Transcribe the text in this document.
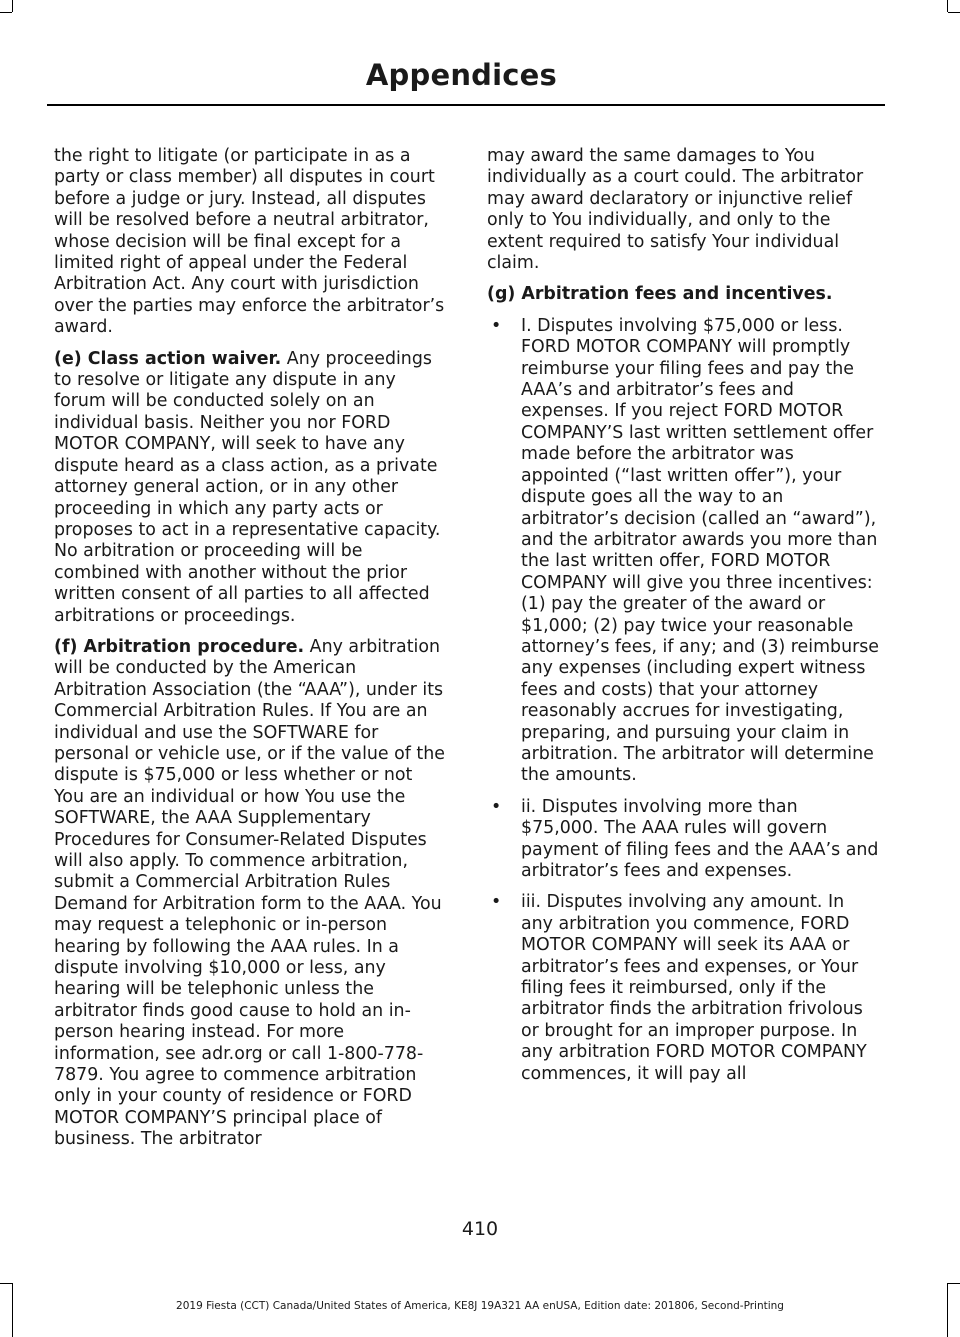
Appendices

the right to litigate (or participate in as a party or class member) all disputes in court before a judge or jury. Instead, all disputes will be resolved before a neutral arbitrator, whose decision will be final except for a limited right of appeal under the Federal Arbitration Act. Any court with jurisdiction over the parties may enforce the arbitrator’s award.

(e) Class action waiver. Any proceedings to resolve or litigate any dispute in any forum will be conducted solely on an individual basis. Neither you nor FORD MOTOR COMPANY, will seek to have any dispute heard as a class action, as a private attorney general action, or in any other proceeding in which any party acts or proposes to act in a representative capacity. No arbitration or proceeding will be combined with another without the prior written consent of all parties to all affected arbitrations or proceedings.

(f) Arbitration procedure. Any arbitration will be conducted by the American Arbitration Association (the “AAA”), under its Commercial Arbitration Rules. If You are an individual and use the SOFTWARE for personal or vehicle use, or if the value of the dispute is $75,000 or less whether or not You are an individual or how You use the SOFTWARE, the AAA Supplementary Procedures for Consumer-Related Disputes will also apply. To commence arbitration, submit a Commercial Arbitration Rules Demand for Arbitration form to the AAA. You may request a telephonic or in-person hearing by following the AAA rules. In a dispute involving $10,000 or less, any hearing will be telephonic unless the arbitrator finds good cause to hold an in-person hearing instead. For more information, see adr.org or call 1-800-778-7879. You agree to commence arbitration only in your county of residence or FORD MOTOR COMPANY’S principal place of business. The arbitrator

may award the same damages to You individually as a court could. The arbitrator may award declaratory or injunctive relief only to You individually, and only to the extent required to satisfy Your individual claim.

(g) Arbitration fees and incentives.
• I. Disputes involving $75,000 or less. FORD MOTOR COMPANY will promptly reimburse your filing fees and pay the AAA’s and arbitrator’s fees and expenses. If you reject FORD MOTOR COMPANY’S last written settlement offer made before the arbitrator was appointed (“last written offer”), your dispute goes all the way to an arbitrator’s decision (called an “award”), and the arbitrator awards you more than the last written offer, FORD MOTOR COMPANY will give you three incentives: (1) pay the greater of the award or $1,000; (2) pay twice your reasonable attorney’s fees, if any; and (3) reimburse any expenses (including expert witness fees and costs) that your attorney reasonably accrues for investigating, preparing, and pursuing your claim in arbitration. The arbitrator will determine the amounts.
• ii. Disputes involving more than $75,000. The AAA rules will govern payment of filing fees and the AAA’s and arbitrator’s fees and expenses.
• iii. Disputes involving any amount. In any arbitration you commence, FORD MOTOR COMPANY will seek its AAA or arbitrator’s fees and expenses, or Your filing fees it reimbursed, only if the arbitrator finds the arbitration frivolous or brought for an improper purpose. In any arbitration FORD MOTOR COMPANY commences, it will pay all
410
2019 Fiesta (CCT) Canada/United States of America, KE8J 19A321 AA enUSA, Edition date: 201806, Second-Printing
